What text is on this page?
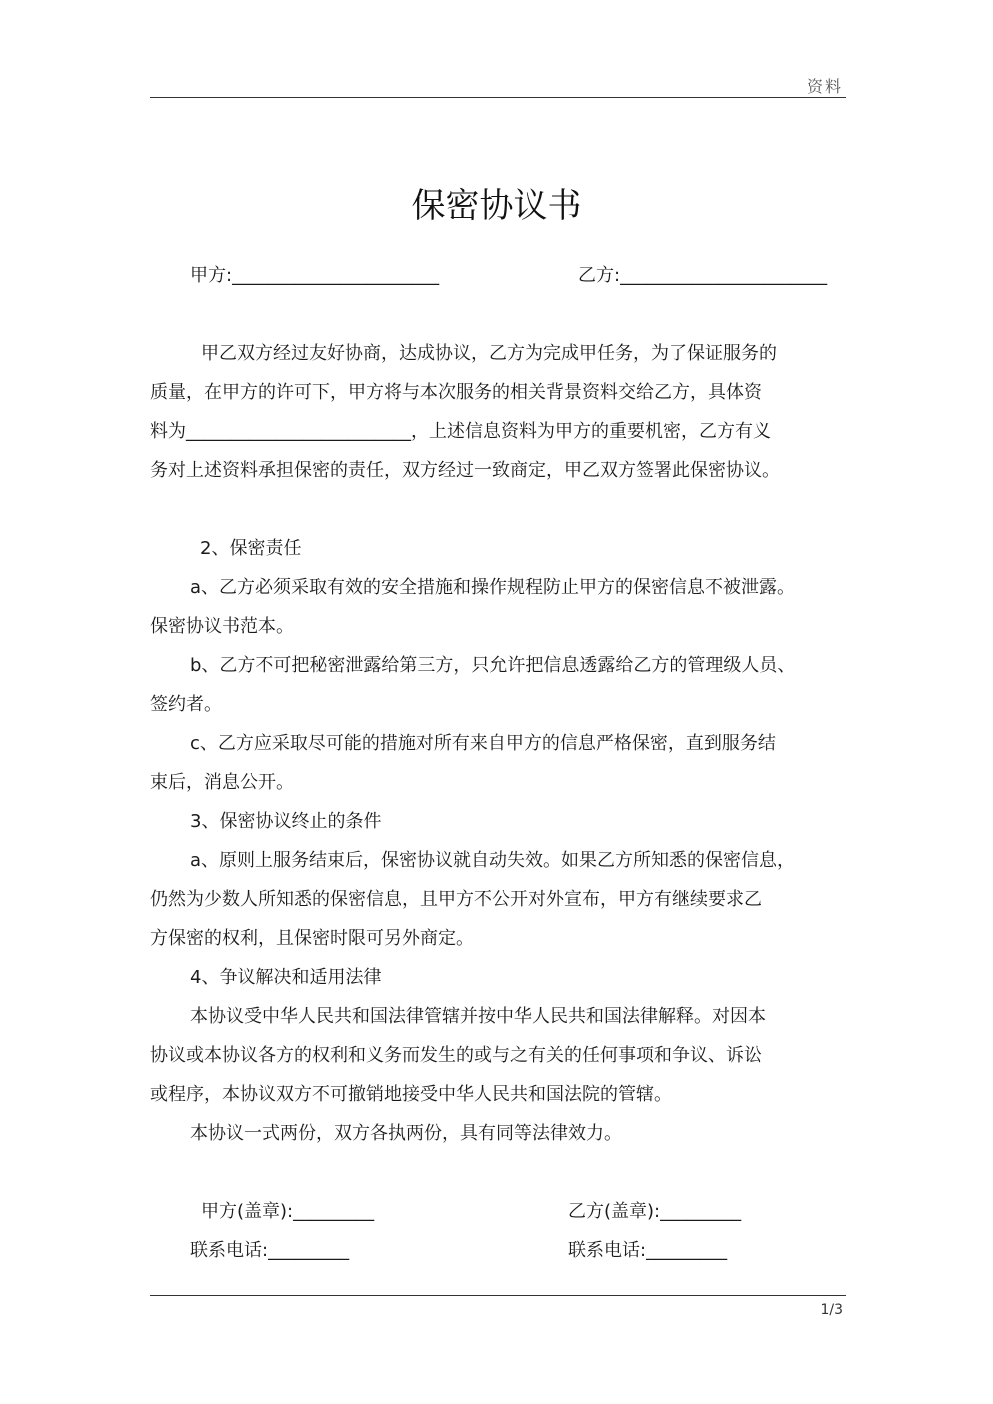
资料
保密协议书
甲方:_______________________	乙方:_______________________
甲乙双方经过友好协商，达成协议，乙方为完成甲任务，为了保证服务的
质量，在甲方的许可下，甲方将与本次服务的相关背景资料交给乙方，具体资
料为_________________________，上述信息资料为甲方的重要机密，乙方有义
务对上述资料承担保密的责任，双方经过一致商定，甲乙双方签署此保密协议。
2、保密责任
a、乙方必须采取有效的安全措施和操作规程防止甲方的保密信息不被泄露。
保密协议书范本。
b、乙方不可把秘密泄露给第三方，只允许把信息透露给乙方的管理级人员、
签约者。
c、乙方应采取尽可能的措施对所有来自甲方的信息严格保密，直到服务结
束后，消息公开。
3、保密协议终止的条件
a、原则上服务结束后，保密协议就自动失效。如果乙方所知悉的保密信息，
仍然为少数人所知悉的保密信息，且甲方不公开对外宣布，甲方有继续要求乙
方保密的权利，且保密时限可另外商定。
4、争议解决和适用法律
本协议受中华人民共和国法律管辖并按中华人民共和国法律解释。对因本
协议或本协议各方的权利和义务而发生的或与之有关的任何事项和争议、诉讼
或程序，本协议双方不可撤销地接受中华人民共和国法院的管辖。
本协议一式两份，双方各执两份，具有同等法律效力。
甲方(盖章):_________	乙方(盖章):_________
联系电话:_________	联系电话:_________
1/3
